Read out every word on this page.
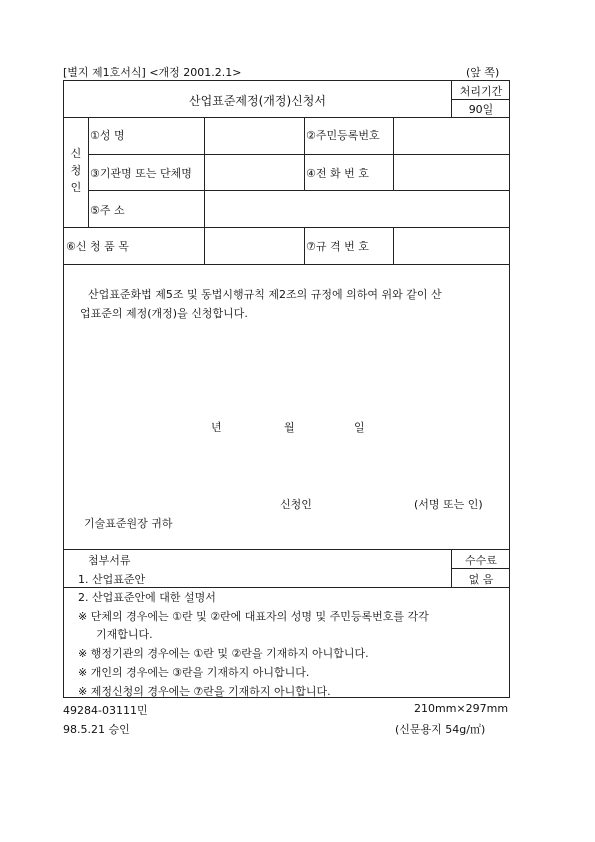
[별지 제1호서식] <개정 2001.2.1>	(앞 쪽)
산업표준제정(개정)신청서
처리기간
90일
신
청
인
①성 명	②주민등록번호
③기관명 또는 단체명	④전 화 번 호
⑤주 소
⑥신 청 품 목	⑦규 격 번 호
산업표준화법 제5조 및 동법시행규칙 제2조의 규정에 의하여 위와 같이 산
업표준의 제정(개정)을 신청합니다.
년	월	일
신청인	(서명 또는 인)
기술표준원장 귀하
첨부서류
1. 산업표준안
2. 산업표준안에 대한 설명서
※ 단체의 경우에는 ①란 및 ②란에 대표자의 성명 및 주민등록번호를 각각
기재합니다.
※ 행정기관의 경우에는 ①란 및 ②란을 기재하지 아니합니다.
※ 개인의 경우에는 ③란을 기재하지 아니합니다.
※ 제정신청의 경우에는 ⑦란을 기재하지 아니합니다.
수수료
없 음
49284-03111민	210mm×297mm
98.5.21 승인	(신문용지 54g/㎡)
